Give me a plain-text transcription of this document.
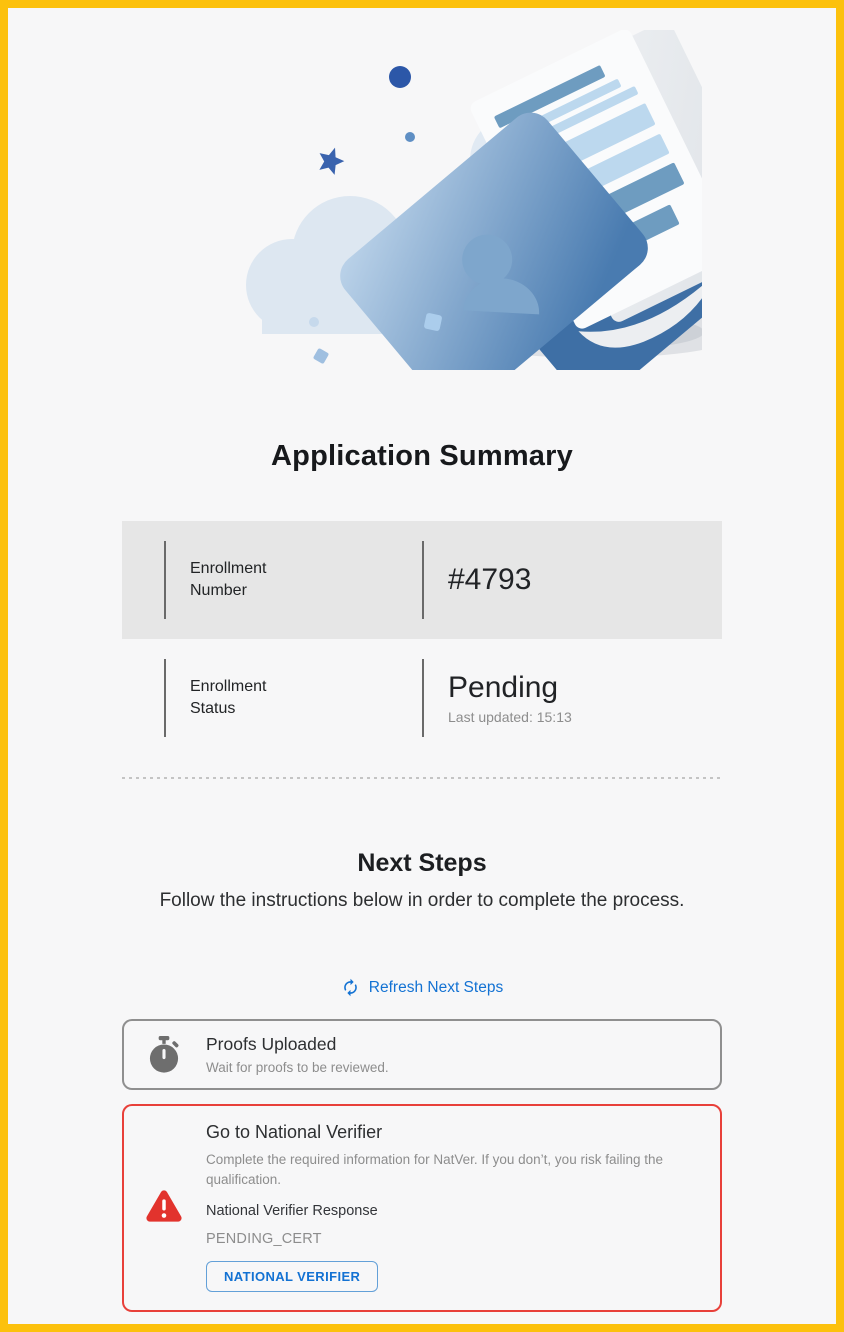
Application Summary
Enrollment Number	#4793
Enrollment Status
Pending
Last updated: 15:13
Next Steps

Follow the instructions below in order to complete the process.

Refresh Next Steps
Proofs Uploaded
Wait for proofs to be reviewed.
Go to National Verifier
Complete the required information for NatVer. If you don’t, you risk failing the qualification.
National Verifier Response
PENDING_CERT
NATIONAL VERIFIER
